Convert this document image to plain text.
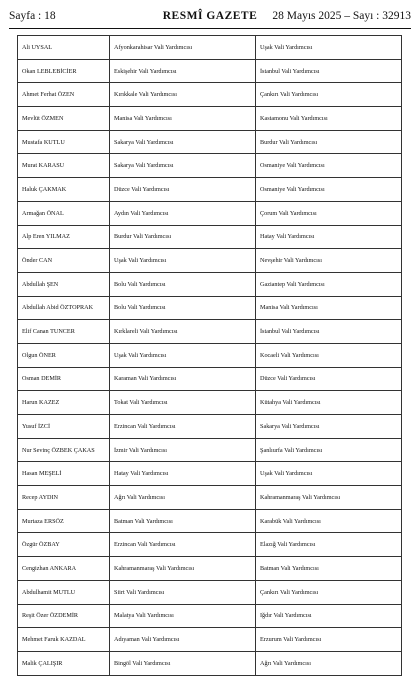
Sayfa : 18	RESMÎ GAZETE 28 Mayıs 2025 – Sayı : 32913
Ali UYSAL	Afyonkarahisar Vali Yardımcısı	Uşak Vali Yardımcısı
Okan LEBLEBİCİER	Eskişehir Vali Yardımcısı	İstanbul Vali Yardımcısı
Ahmet Ferhat ÖZEN	Kırıkkale Vali Yardımcısı	Çankırı Vali Yardımcısı
Mevlüt ÖZMEN	Manisa Vali Yardımcısı	Kastamonu Vali Yardımcısı
Mustafa KUTLU	Sakarya Vali Yardımcısı	Burdur Vali Yardımcısı
Murat KARASU	Sakarya Vali Yardımcısı	Osmaniye Vali Yardımcısı
Haluk ÇAKMAK	Düzce Vali Yardımcısı	Osmaniye Vali Yardımcısı
Armağan ÖNAL	Aydın Vali Yardımcısı	Çorum Vali Yardımcısı
Alp Eren YILMAZ	Burdur Vali Yardımcısı	Hatay Vali Yardımcısı
Önder CAN	Uşak Vali Yardımcısı	Nevşehir Vali Yardımcısı
Abdullah ŞEN	Bolu Vali Yardımcısı	Gaziantep Vali Yardımcısı
Abdullah Abid ÖZTOPRAK	Bolu Vali Yardımcısı	Manisa Vali Yardımcısı
Elif Canan TUNCER	Kırklareli Vali Yardımcısı	İstanbul Vali Yardımcısı
Olgun ÖNER	Uşak Vali Yardımcısı	Kocaeli Vali Yardımcısı
Osman DEMİR	Karaman Vali Yardımcısı	Düzce Vali Yardımcısı
Harun KAZEZ	Tokat Vali Yardımcısı	Kütahya Vali Yardımcısı
Yusuf İZCİ	Erzincan Vali Yardımcısı	Sakarya Vali Yardımcısı
Nur Sevinç ÖZBEK ÇAKAS	İzmir Vali Yardımcısı	Şanlıurfa Vali Yardımcısı
Hasan MEŞELİ	Hatay Vali Yardımcısı	Uşak Vali Yardımcısı
Recep AYDIN	Ağrı Vali Yardımcısı	Kahramanmaraş Vali Yardımcısı
Murtaza ERSÖZ	Batman Vali Yardımcısı	Karabük Vali Yardımcısı
Özgür ÖZBAY	Erzincan Vali Yardımcısı	Elazığ Vali Yardımcısı
Cengizhan ANKARA	Kahramanmaraş Vali Yardımcısı	Batman Vali Yardımcısı
Abdulhamit MUTLU	Siirt Vali Yardımcısı	Çankırı Vali Yardımcısı
Reşit Özer ÖZDEMİR	Malatya Vali Yardımcısı	Iğdır Vali Yardımcısı
Mehmet Faruk KAZDAL	Adıyaman Vali Yardımcısı	Erzurum Vali Yardımcısı
Malik ÇALIŞIR	Bingöl Vali Yardımcısı	Ağrı Vali Yardımcısı
